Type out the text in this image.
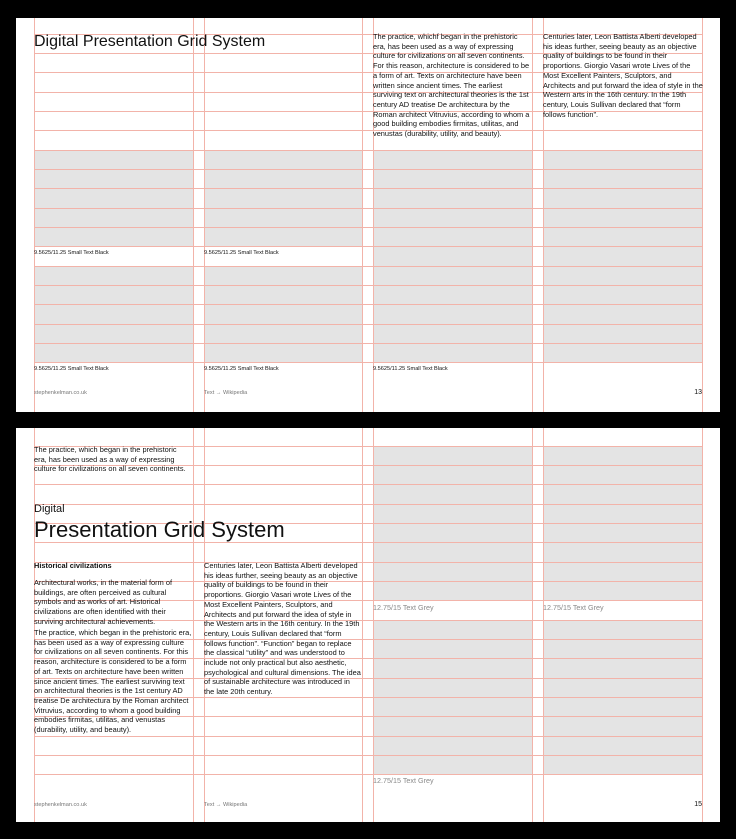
Digital Presentation Grid System	The practice, whichf began in the prehistoric era, has been used as a way of expressing culture for civilizations on all seven continents. For this reason, architecture is considered to be a form of art. Texts on architecture have been written since ancient times. The earliest surviving text on architectural theories is the 1st century AD treatise De architectura by the Roman architect Vitruvius, according to whom a good building embodies firmitas, utilitas, and venustas (durability, utility, and beauty).
Centuries later, Leon Battista Alberti developed his ideas further, seeing beauty as an objective quality of buildings to be found in their proportions. Giorgio Vasari wrote Lives of the Most Excellent Painters, Sculptors, and Architects and put forward the idea of style in the Western arts in the 16th century. In the 19th century, Louis Sullivan declared that “form follows function”.
9.5625/11.25 Small Text Black	9.5625/11.25 Small Text Black
9.5625/11.25 Small Text Black	9.5625/11.25 Small Text Black	9.5625/11.25 Small Text Black
stephenkelman.co.uk	Text → Wikipedia	13
The practice, which began in the prehistoric era, has been used as a way of expressing culture for civilizations on all seven continents.
Digital
Presentation Grid System
Historical civilizations
Architectural works, in the material form of buildings, are often perceived as cultural symbols and as works of art. Historical civilizations are often identified with their surviving architectural achievements.
The practice, which began in the prehistoric era, has been used as a way of expressing culture for civilizations on all seven continents. For this reason, architecture is considered to be a form of art. Texts on architecture have been written since ancient times. The earliest surviving text on architectural theories is the 1st century AD treatise De architectura by the Roman architect Vitruvius, according to whom a good building embodies firmitas, utilitas, and venustas (durability, utility, and beauty).
Centuries later, Leon Battista Alberti developed his ideas further, seeing beauty as an objective quality of buildings to be found in their proportions. Giorgio Vasari wrote Lives of the Most Excellent Painters, Sculptors, and Architects and put forward the idea of style in the Western arts in the 16th century. In the 19th century, Louis Sullivan declared that “form follows function”. “Function” began to replace the classical “utility” and was understood to include not only practical but also aesthetic, psychological and cultural dimensions. The idea of sustainable architecture was introduced in the late 20th century.
12.75/15 Text Grey	12.75/15 Text Grey
12.75/15 Text Grey
stephenkelman.co.uk	Text → Wikipedia	15
